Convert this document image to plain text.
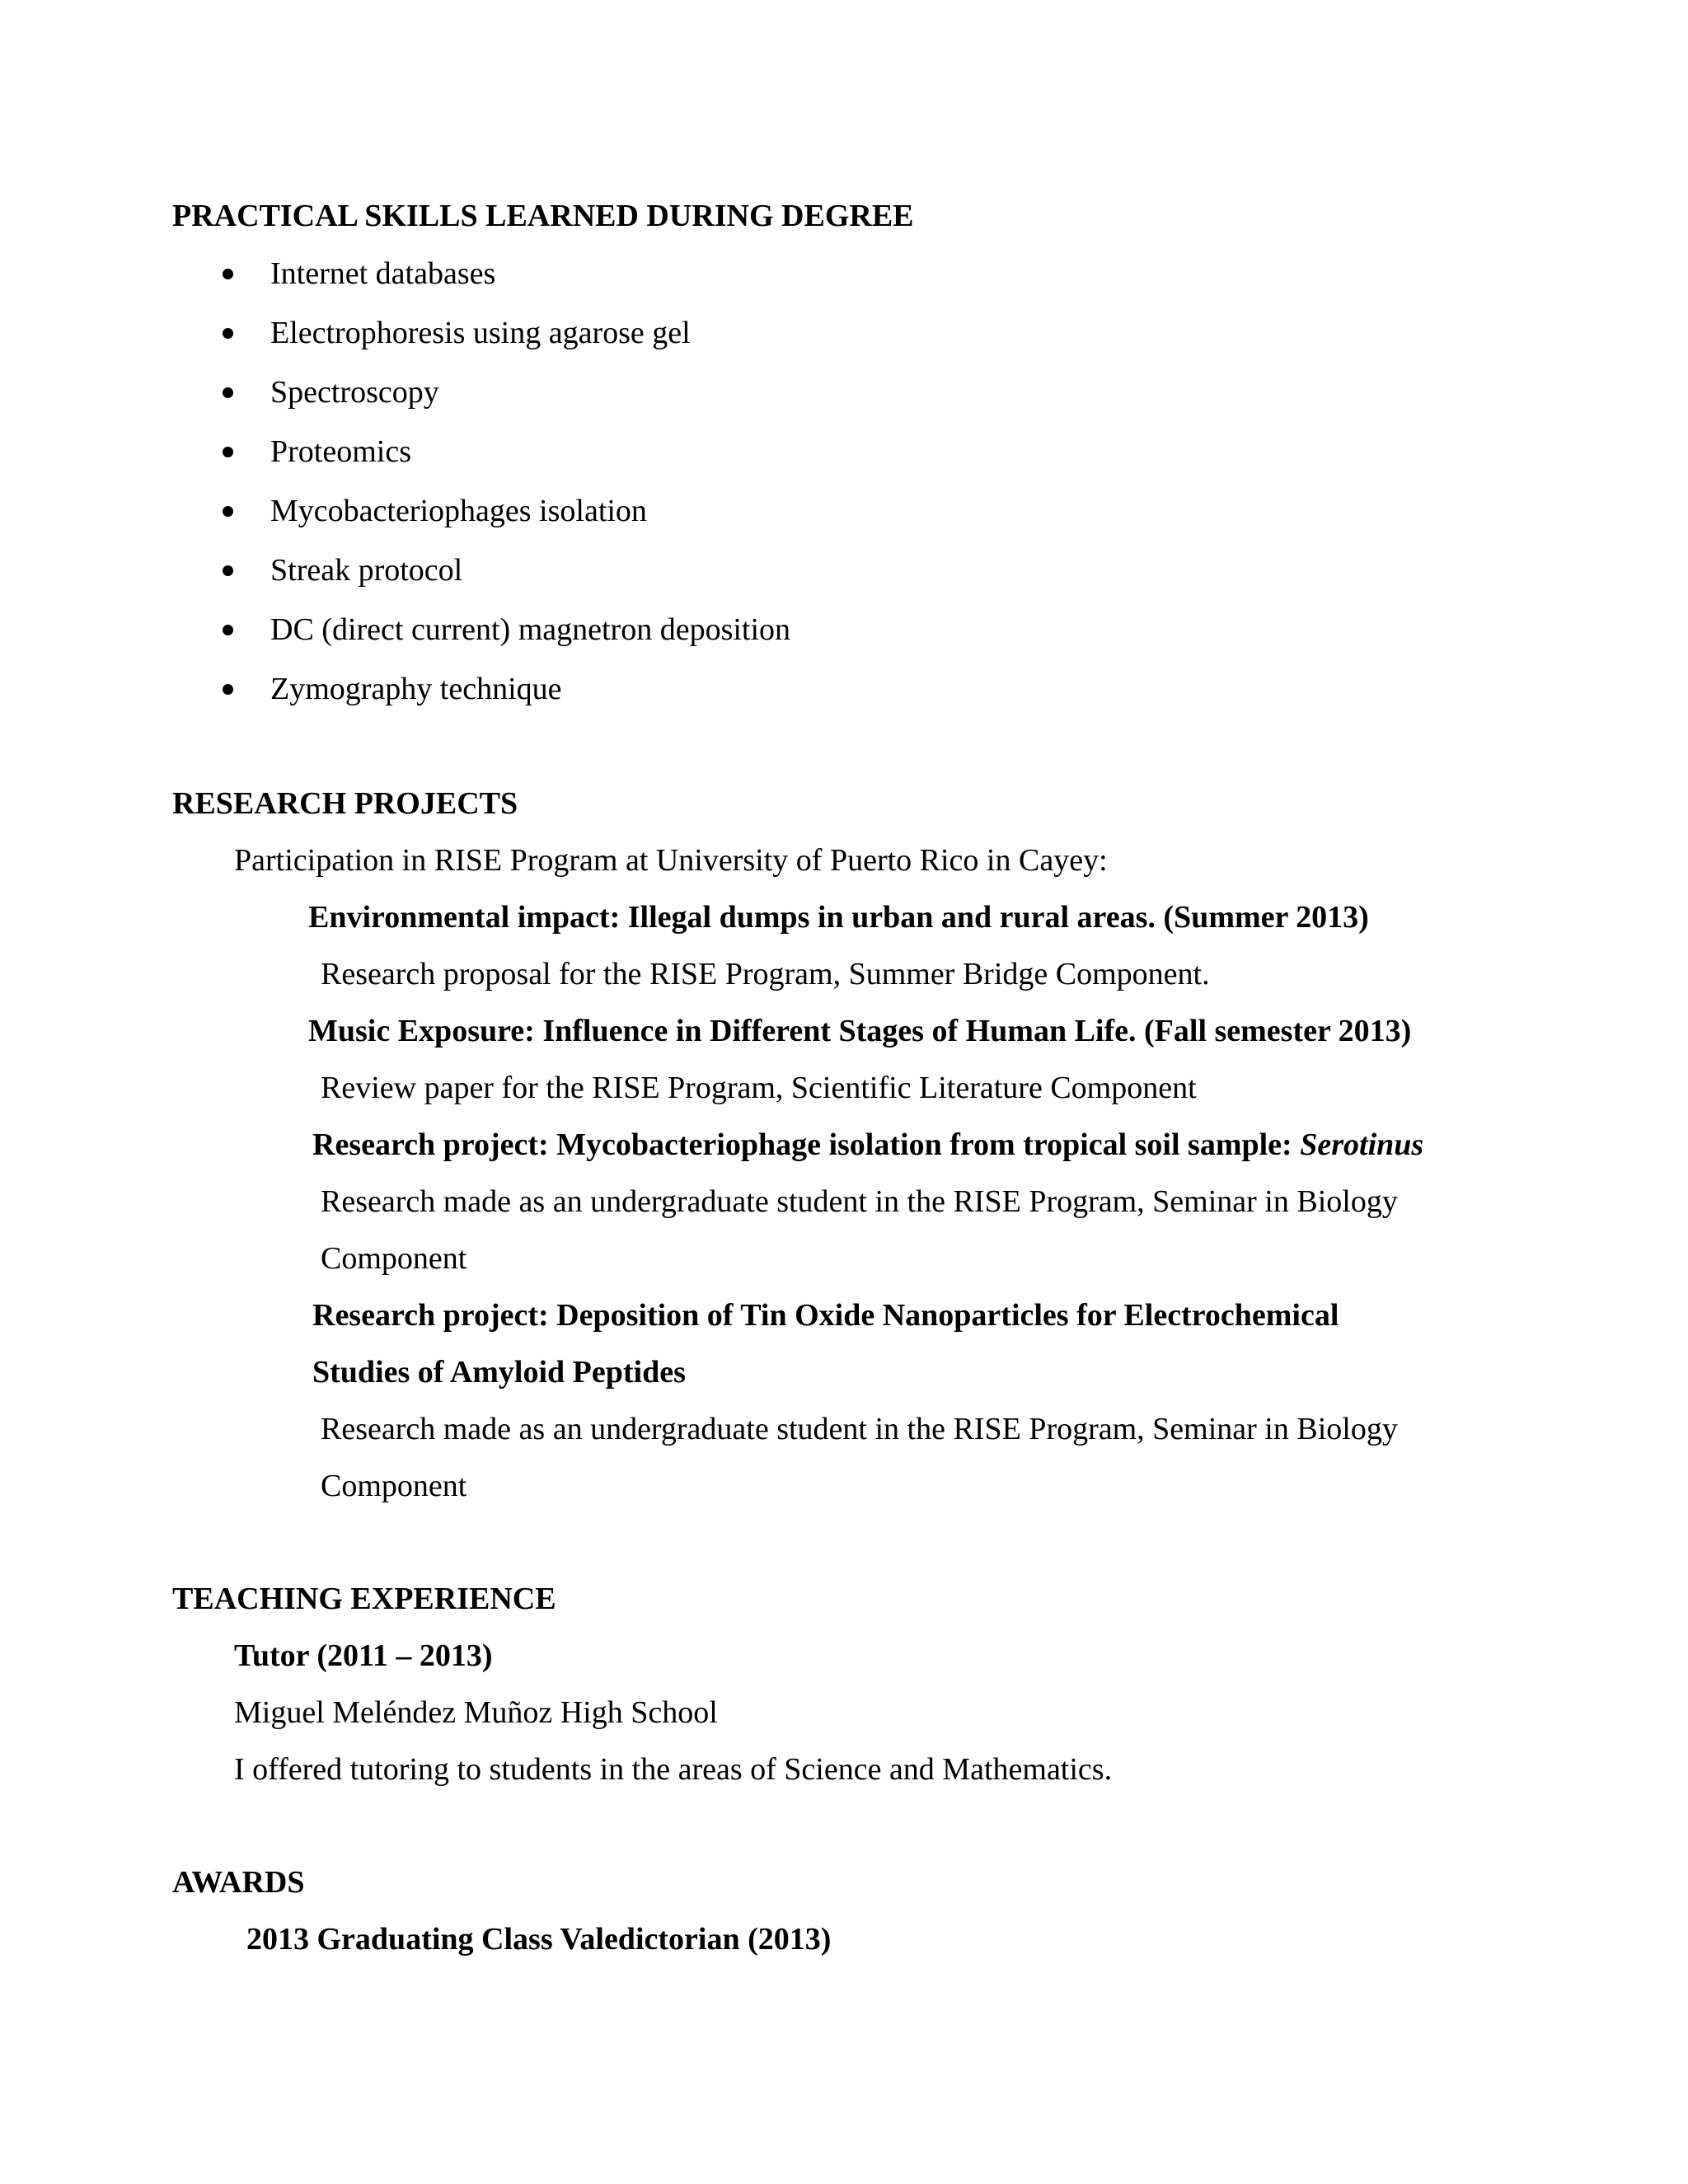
PRACTICAL SKILLS LEARNED DURING DEGREE
Internet databases
Electrophoresis using agarose gel
Spectroscopy
Proteomics
Mycobacteriophages isolation
Streak protocol
DC (direct current) magnetron deposition
Zymography technique
RESEARCH PROJECTS
Participation in RISE Program at University of Puerto Rico in Cayey:
Environmental impact: Illegal dumps in urban and rural areas. (Summer 2013)
Research proposal for the RISE Program, Summer Bridge Component.
Music Exposure: Influence in Different Stages of Human Life. (Fall semester 2013)
Review paper for the RISE Program, Scientific Literature Component
Research project: Mycobacteriophage isolation from tropical soil sample: Serotinus
Research made as an undergraduate student in the RISE Program, Seminar in Biology
Component
Research project: Deposition of Tin Oxide Nanoparticles for Electrochemical
Studies of Amyloid Peptides
Research made as an undergraduate student in the RISE Program, Seminar in Biology
Component
TEACHING EXPERIENCE
Tutor (2011 – 2013)
Miguel Meléndez Muñoz High School
I offered tutoring to students in the areas of Science and Mathematics.
AWARDS
2013 Graduating Class Valedictorian (2013)
